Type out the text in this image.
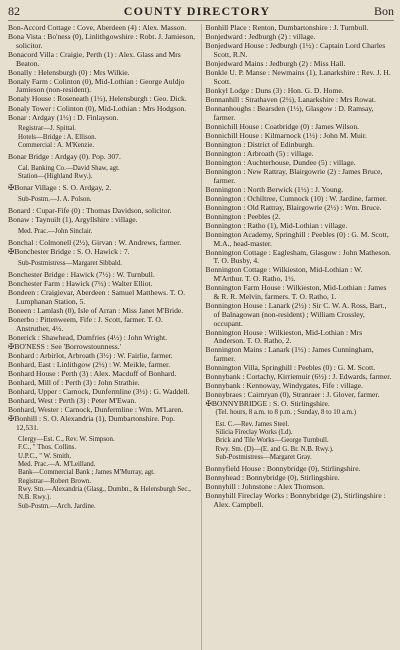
82	COUNTY DIRECTORY	Bon
Bon-Accord Cottage : Cove, Aberdeen (4) : Alex. Masson.
Bona Vista : Bo'ness (0), Linlithgowshire : Robt. J. Jamieson, solicitor.
Bonacord Villa : Craigie, Perth (1) : Alex. Glass and Mrs Beaton.
Bonally : Helensburgh (0) : Mrs Wilkie.
Bonaly Farm : Colinton (0), Mid-Lothian : George Auldjo Jamieson (non-resident).
Bonaly House : Roseneath (1½), Helensburgh : Geo. Dick.
Bonaly Tower : Colinton (0), Mid-Lothian : Mrs Hodgson.
Bonar : Ardgay (1½) : D. Finlayson.
Registrar—J. Spittal.
Hotels—Bridge : A. Ellison.
Commercial : A. M'Kenzie.
Bonar Bridge : Ardgay (0). Pop. 307.
Cal. Banking Co.—David Shaw, agt.
Station—(Highland Rwy.).
✠Bonar Village : S. O. Ardgay, 2.
Sub-Postm.—J. A. Polson.
Bonard : Cupar-Fife (0) : Thomas Davidson, solicitor.
Bonaw : Taynuilt (1), Argyllshire : village.
Med. Prac.—John Sinclair.
Bonchal : Colmonell (2½), Girvan : W. Andrews, farmer.
✠Bonchester Bridge : S. O. Hawick : 7.
Sub-Postmistress—Margaret Sibbald.
Bonchester Bridge : Hawick (7½) : W. Turnbull.
Bonchester Farm : Hawick (7½) : Walter Elliot.
Bondeen : Craigievar, Aberdeen : Samuel Matthews. T. O. Lumphanan Station, 5.
Boneen : Lamlash (0), Isle of Arran : Miss Janet M'Bride.
Bonerbo : Pittenweem, Fife : J. Scott, farmer. T. O. Anstruther, 4½.
Bonerick : Shawhead, Dumfries (4½) : John Wright.
✠BO'NESS : See 'Borrowstounness.'
Bonhard : Arbirlot, Arbroath (3½) : W. Fairlie, farmer.
Bonhard, East : Linlithgow (2½) : W. Meikle, farmer.
Bonhard House : Perth (3) : Alex. Macduff of Bonhard.
Bonhard, Mill of : Perth (3) : John Strathie.
Bonhard, Upper : Carnock, Dunfermline (3½) : G. Waddell.
Bonhard, West : Perth (3) : Peter M'Ewan.
Bonhard, Wester : Carnock, Dunfermline : Wm. M'Laren.
✠Bonhill : S. O. Alexandria (1), Dumbartonshire. Pop. 12,531.
Clergy—Est. C., Rev. W. Simpson.
F.C., " Thos. Collins.
U.P.C., " W. Smith.
Med. Prac.—A. M'Leilland.
Bank—Commercial Bank ; James M'Murray, agt.
Registrar—Robert Brown.
Rwy. Stn.—Alexandria (Glasg., Dumbn., & Helensburgh Sec., N.B. Rwy.).
Sub-Postm.—Arch. Jardine.
Bonhill Place : Renton, Dumbartonshire : J. Turnbull.
Bonjedward : Jedburgh (2) : village.
Bonjedward House : Jedburgh (1½) : Captain Lord Charles Scott, R.N.
Bonjedward Mains : Jedburgh (2) : Miss Hall.
Bonkle U. P. Manse : Newmains (1), Lanarkshire : Rev. J. H. Scott.
Bonkyl Lodge : Duns (3) : Hon. G. D. Home.
Bonnanhill : Strathaven (2½), Lanarkshire : Mrs Rowat.
Bonnanhoughs : Bearsden (1½), Glasgow : D. Ramsay, farmer.
Bonnichill House : Coatbridge (0) : James Wilson.
Bonnichill House : Kilmarnock (1½) : John M. Muir.
Bonnington : District of Edinburgh.
Bonnington : Arbroath (5) : village.
Bonnington : Auchterhouse, Dundee (5) : village.
Bonnington : New Rattray, Blairgowrie (2) : James Bruce, farmer.
Bonnington : North Berwick (1½) : J. Young.
Bonnington : Ochiltree, Cumnock (10) : W. Jardine, farmer.
Bonnington : Old Rattray, Blairgowrie (2½) : Wm. Bruce.
Bonnington : Peebles (2.
Bonnington : Ratho (1), Mid-Lothian : village.
Bonnington Academy, Springhill : Peebles (0) : G. M. Scott, M.A., head-master.
Bonnington Cottage : Eaglesham, Glasgow : John Matheson. T. O. Busby, 4.
Bonnington Cottage : Wilkieston, Mid-Lothian : W. M'Arthur. T. O. Ratho, 1½.
Bonnington Farm House : Wilkieston, Mid-Lothian : James & R. R. Melvin, farmers. T. O. Ratho, 1.
Bonnington House : Lanark (2½) : Sir C. W. A. Ross, Bart., of Balnagowan (non-resident) ; William Crossley, occupant.
Bonnington House : Wilkieston, Mid-Lothian : Mrs Anderson. T. O. Ratho, 2.
Bonnington Mains : Lanark (1½) : James Cunningham, farmer.
Bonnington Villa, Springhill : Peebles (0) : G. M. Scott.
Bonnybank : Cortachy, Kirriemuir (6½) : J. Edwards, farmer.
Bonnybank : Kennoway, Windygates, Fife : village.
Bonnybraes : Cairnryan (0), Stranraer : J. Glover, farmer.
✠BONNYBRIDGE : S. O. Stirlingshire.
(Tel. hours, 8 a.m. to 8 p.m. ; Sunday, 8 to 10 a.m.)
Est. C.—Rev. James Steel.
Silicia Fireclay Works (Ld).
Brick and Tile Works—George Turnbull.
Rwy. Stn. (D)—(E. and G. Br. N.B. Rwy.).
Sub-Postmistress—Margaret Gray.
Bonnyfield House : Bonnybridge (0), Stirlingshire.
Bonnyhead : Bonnybridge (0), Stirlingshire.
Bonnyhill : Johnstone : Alex Thomson.
Bonnyhill Fireclay Works : Bonnybridge (2), Stirlingshire : Alex. Campbell.
